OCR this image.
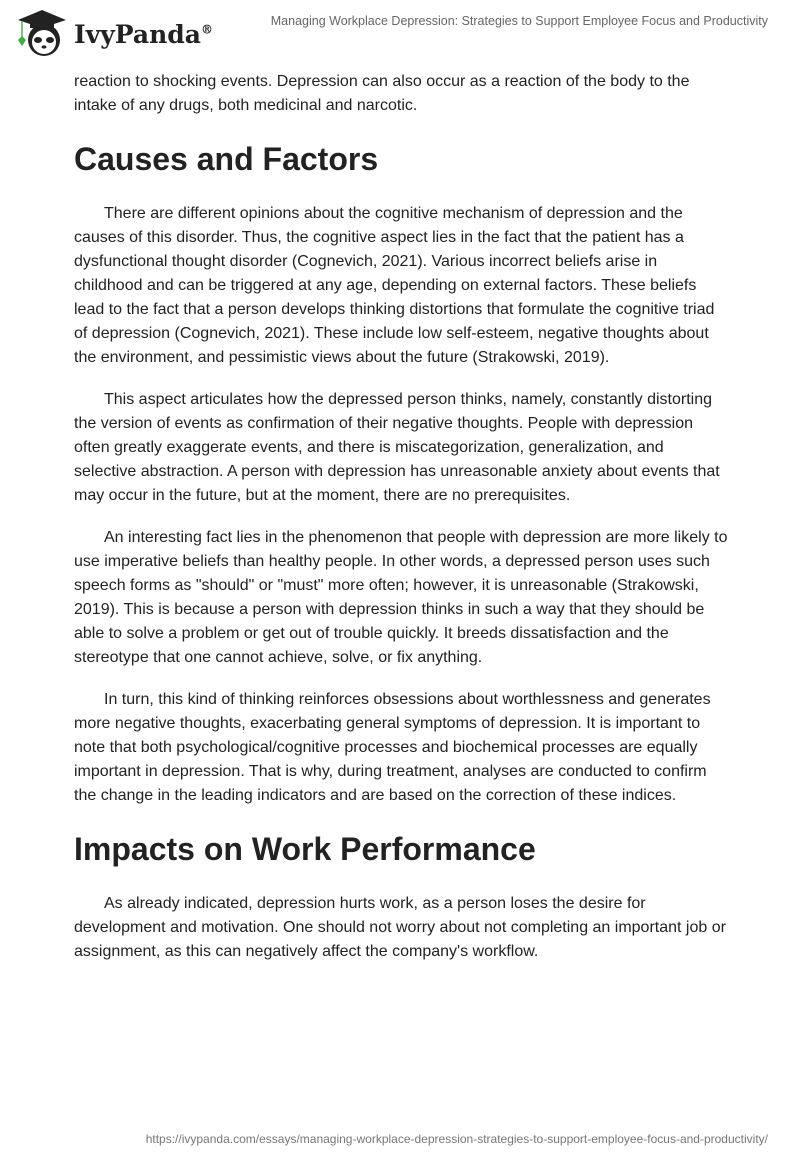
IvyPanda®
Managing Workplace Depression: Strategies to Support Employee Focus and Productivity

reaction to shocking events. Depression can also occur as a reaction of the body to the intake of any drugs, both medicinal and narcotic.

Causes and Factors

There are different opinions about the cognitive mechanism of depression and the causes of this disorder. Thus, the cognitive aspect lies in the fact that the patient has a dysfunctional thought disorder (Cognevich, 2021). Various incorrect beliefs arise in childhood and can be triggered at any age, depending on external factors. These beliefs lead to the fact that a person develops thinking distortions that formulate the cognitive triad of depression (Cognevich, 2021). These include low self-esteem, negative thoughts about the environment, and pessimistic views about the future (Strakowski, 2019).

This aspect articulates how the depressed person thinks, namely, constantly distorting the version of events as confirmation of their negative thoughts. People with depression often greatly exaggerate events, and there is miscategorization, generalization, and selective abstraction. A person with depression has unreasonable anxiety about events that may occur in the future, but at the moment, there are no prerequisites.

An interesting fact lies in the phenomenon that people with depression are more likely to use imperative beliefs than healthy people. In other words, a depressed person uses such speech forms as "should" or "must" more often; however, it is unreasonable (Strakowski, 2019). This is because a person with depression thinks in such a way that they should be able to solve a problem or get out of trouble quickly. It breeds dissatisfaction and the stereotype that one cannot achieve, solve, or fix anything.

In turn, this kind of thinking reinforces obsessions about worthlessness and generates more negative thoughts, exacerbating general symptoms of depression. It is important to note that both psychological/cognitive processes and biochemical processes are equally important in depression. That is why, during treatment, analyses are conducted to confirm the change in the leading indicators and are based on the correction of these indices.

Impacts on Work Performance

As already indicated, depression hurts work, as a person loses the desire for development and motivation. One should not worry about not completing an important job or assignment, as this can negatively affect the company's workflow.

https://ivypanda.com/essays/managing-workplace-depression-strategies-to-support-employee-focus-and-productivity/
